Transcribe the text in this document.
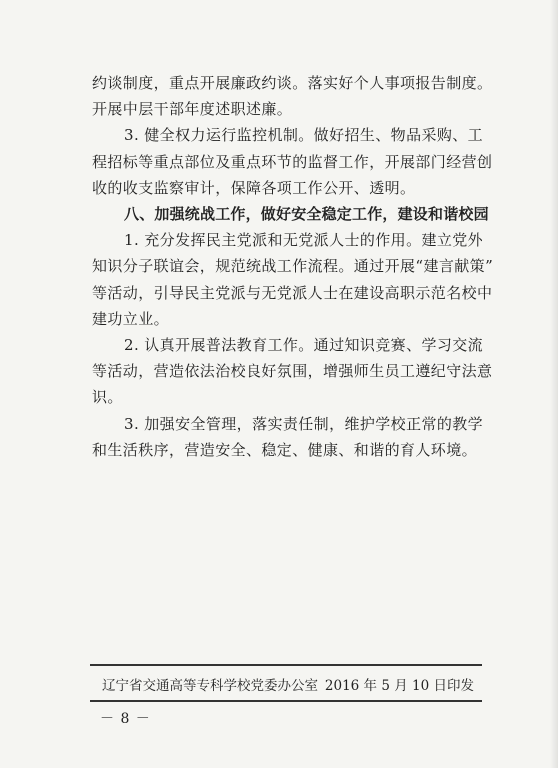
约谈制度，重点开展廉政约谈。落实好个人事项报告制度。
开展中层干部年度述职述廉。
3. 健全权力运行监控机制。做好招生、物品采购、工
程招标等重点部位及重点环节的监督工作，开展部门经营创
收的收支监察审计，保障各项工作公开、透明。
八、加强统战工作，做好安全稳定工作，建设和谐校园
1. 充分发挥民主党派和无党派人士的作用。建立党外
知识分子联谊会，规范统战工作流程。通过开展“建言献策”
等活动，引导民主党派与无党派人士在建设高职示范名校中
建功立业。
2. 认真开展普法教育工作。通过知识竞赛、学习交流
等活动，营造依法治校良好氛围，增强师生员工遵纪守法意
识。
3. 加强安全管理，落实责任制，维护学校正常的教学
和生活秩序，营造安全、稳定、健康、和谐的育人环境。
辽宁省交通高等专科学校党委办公室 2016 年 5 月 10 日印发
－ 8 －
